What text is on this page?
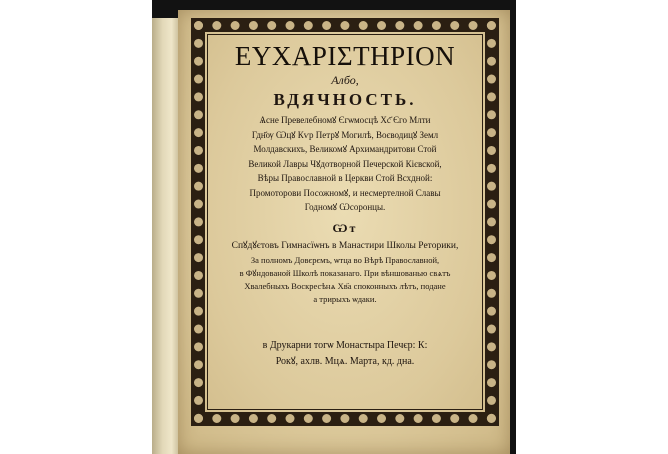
ΕΥΧΑΡΙΣΤΗΡΙΟΝ
Албо,
ВДЯЧНОСТЬ.
Ѧсне Превелебномꙋ Єгѡмосцѣ Хс҃ Єго Млти
Гдн҃ѹ Ѡцꙋ Кѵр Петрꙋ Могилѣ, Воєводицꙋ Земл
Молдавскихъ, Великомꙋ Архимандритови Стой
Великой Лавры Чꙋдотворной Печерской Кієвской,
Вѣры Православной в Церкви Стой Всхдной:
Промоторови Посожномꙋ, и несмертелной Славы
Годномꙋ Ѡсоронцы.
Ѡт
Спꙋдꙋєтовъ Гимнасїѡнъ в Манастири Школы Реторики,
За полномъ Довєрємъ, ѡтца во Вѣрѣ Православной,
в Фꙋндованой Школѣ показанаго. При вѣншованью свѧтъ
Хвалебныхъ Воскресѣнѧ Хв҃а споконныхъ лѣтъ, подане
а трирыхъ ѡдаки.
в Друкарни тогѡ Монастыра Печєр: К:
Рокꙋ, ахлв. Мцѧ. Марта, кд. дна.
